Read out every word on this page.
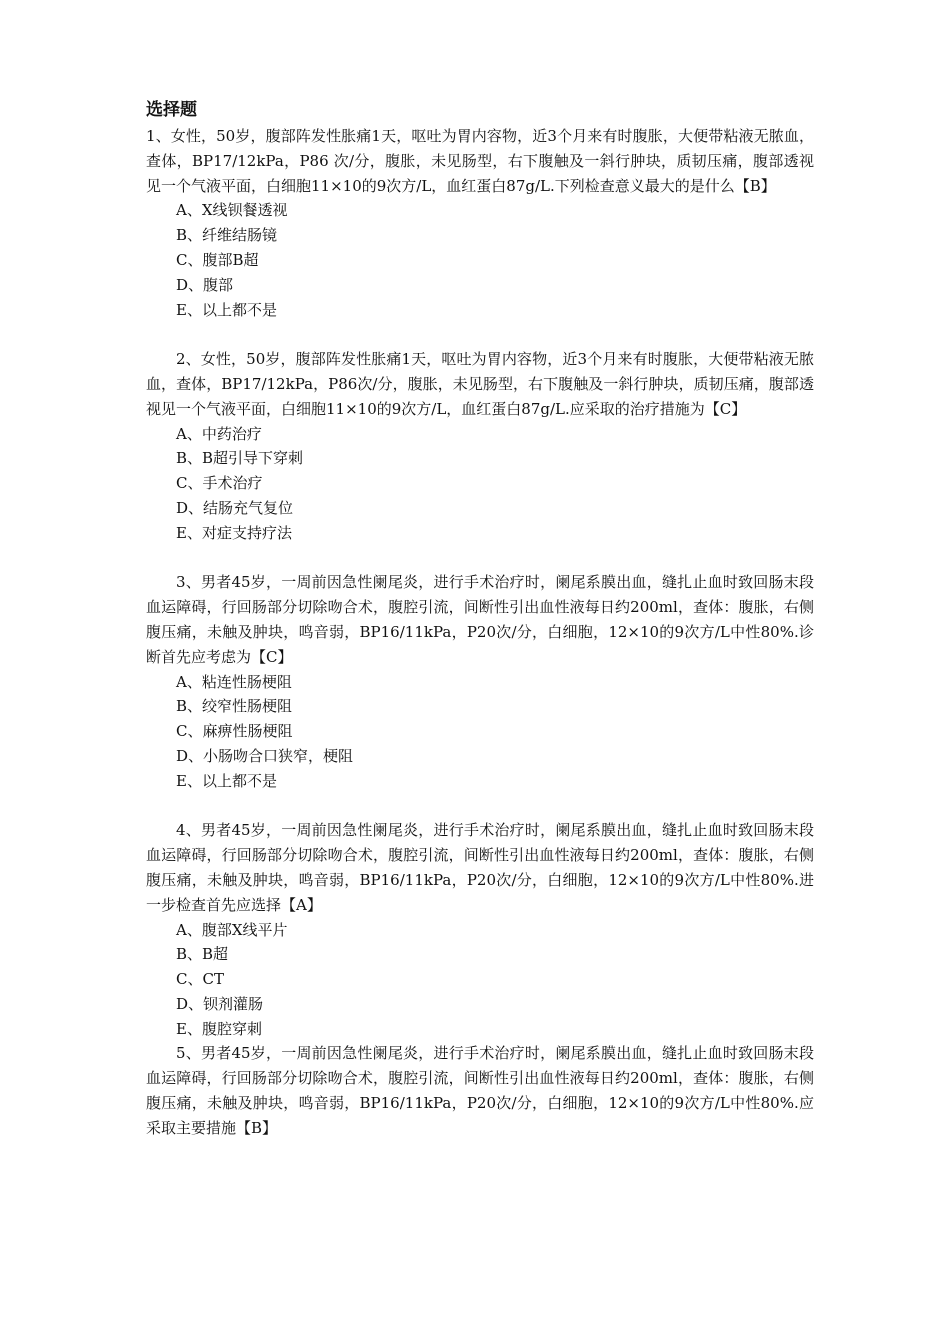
选择题

1、女性，50岁，腹部阵发性胀痛1天，呕吐为胃内容物，近3个月来有时腹胀，大便带粘液无脓血，查体，BP17/12kPa，P86 次/分，腹胀，未见肠型，右下腹触及一斜行肿块，质韧压痛，腹部透视见一个气液平面，白细胞11×10的9次方/L，血红蛋白87g/L.下列检查意义最大的是什么【B】

A、X线钡餐透视
B、纤维结肠镜
C、腹部B超
D、腹部
E、以上都不是

2、女性，50岁，腹部阵发性胀痛1天，呕吐为胃内容物，近3个月来有时腹胀，大便带粘液无脓血，查体，BP17/12kPa，P86次/分，腹胀，未见肠型，右下腹触及一斜行肿块，质韧压痛，腹部透视见一个气液平面，白细胞11×10的9次方/L，血红蛋白87g/L.应采取的治疗措施为【C】

A、中药治疗
B、B超引导下穿刺
C、手术治疗
D、结肠充气复位
E、对症支持疗法

3、男者45岁，一周前因急性阑尾炎，进行手术治疗时，阑尾系膜出血，缝扎止血时致回肠末段血运障碍，行回肠部分切除吻合术，腹腔引流，间断性引出血性液每日约200ml，查体：腹胀，右侧腹压痛，未触及肿块，鸣音弱，BP16/11kPa，P20次/分，白细胞，12×10的9次方/L中性80%.诊断首先应考虑为【C】

A、粘连性肠梗阻
B、绞窄性肠梗阻
C、麻痹性肠梗阻
D、小肠吻合口狭窄，梗阻
E、以上都不是

4、男者45岁，一周前因急性阑尾炎，进行手术治疗时，阑尾系膜出血，缝扎止血时致回肠末段血运障碍，行回肠部分切除吻合术，腹腔引流，间断性引出血性液每日约200ml，查体：腹胀，右侧腹压痛，未触及肿块，鸣音弱，BP16/11kPa，P20次/分，白细胞，12×10的9次方/L中性80%.进一步检查首先应选择【A】

A、腹部X线平片
B、B超
C、CT
D、钡剂灌肠
E、腹腔穿刺

5、男者45岁，一周前因急性阑尾炎，进行手术治疗时，阑尾系膜出血，缝扎止血时致回肠末段血运障碍，行回肠部分切除吻合术，腹腔引流，间断性引出血性液每日约200ml，查体：腹胀，右侧腹压痛，未触及肿块，鸣音弱，BP16/11kPa，P20次/分，白细胞，12×10的9次方/L中性80%.应采取主要措施【B】
